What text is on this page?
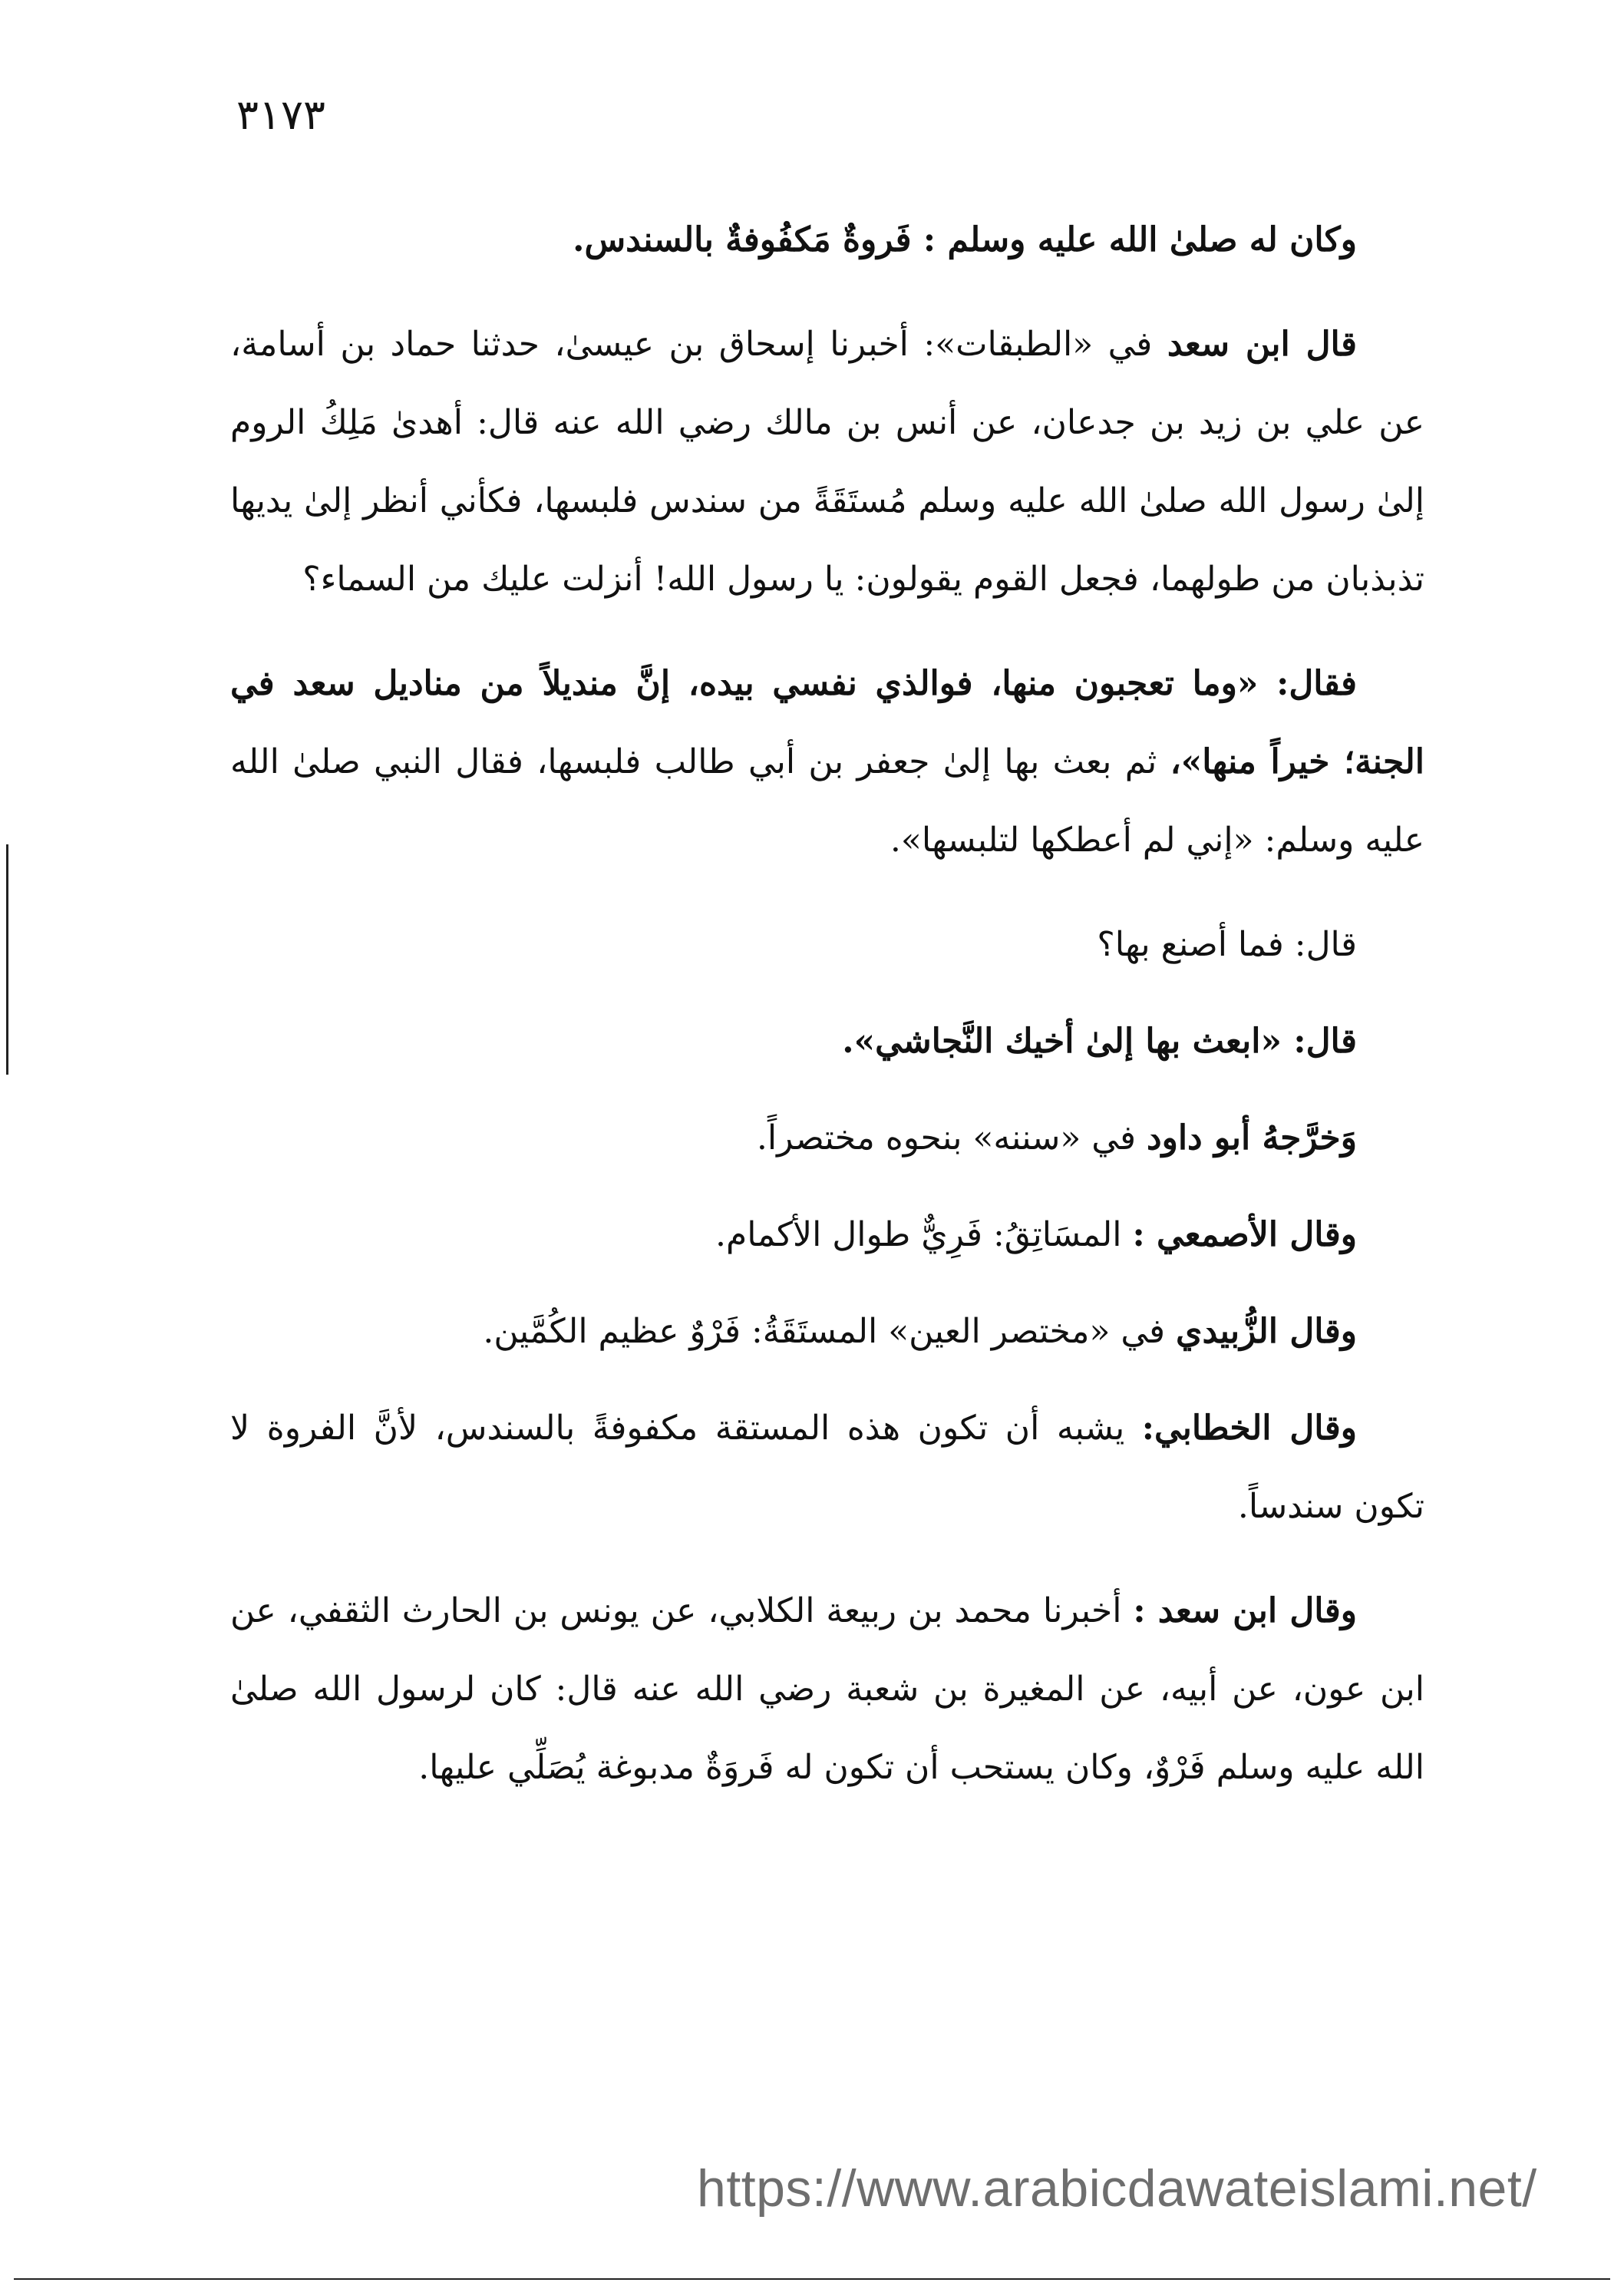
٣١٧٣

وكان له صلىٰ الله عليه وسلم : فَروةٌ مَكفُوفةٌ بالسندس.

قال ابن سعد في «الطبقات»: أخبرنا إسحاق بن عيسىٰ، حدثنا حماد بن أسامة، عن علي بن زيد بن جدعان، عن أنس بن مالك رضي الله عنه قال: أهدىٰ مَلِكُ الروم إلىٰ رسول الله صلىٰ الله عليه وسلم مُستَقَةً من سندس فلبسها، فكأني أنظر إلىٰ يديها تذبذبان من طولهما، فجعل القوم يقولون: يا رسول الله! أنزلت عليك من السماء؟

فقال: «وما تعجبون منها، فوالذي نفسي بيده، إنَّ منديلاً من مناديل سعد في الجنة؛ خيراً منها»، ثم بعث بها إلىٰ جعفر بن أبي طالب فلبسها، فقال النبي صلىٰ الله عليه وسلم: «إني لم أعطكها لتلبسها».

قال: فما أصنع بها؟

قال: «ابعث بها إلىٰ أخيك النَّجاشي».

وَخرَّجهُ أبو داود في «سننه» بنحوه مختصراً.

وقال الأصمعي : المسَاتِقُ: فَرِيٌّ طوال الأكمام.

وقال الزُّبيدي في «مختصر العين» المستَقَةُ: فَرْوٌ عظيم الكُمَّين.

وقال الخطابي: يشبه أن تكون هذه المستقة مكفوفةً بالسندس، لأنَّ الفروة لا تكون سندساً.

وقال ابن سعد : أخبرنا محمد بن ربيعة الكلابي، عن يونس بن الحارث الثقفي، عن ابن عون، عن أبيه، عن المغيرة بن شعبة رضي الله عنه قال: كان لرسول الله صلىٰ الله عليه وسلم فَرْوٌ، وكان يستحب أن تكون له فَروَةٌ مدبوغة يُصَلِّي عليها.

https://www.arabicdawateislami.net/
